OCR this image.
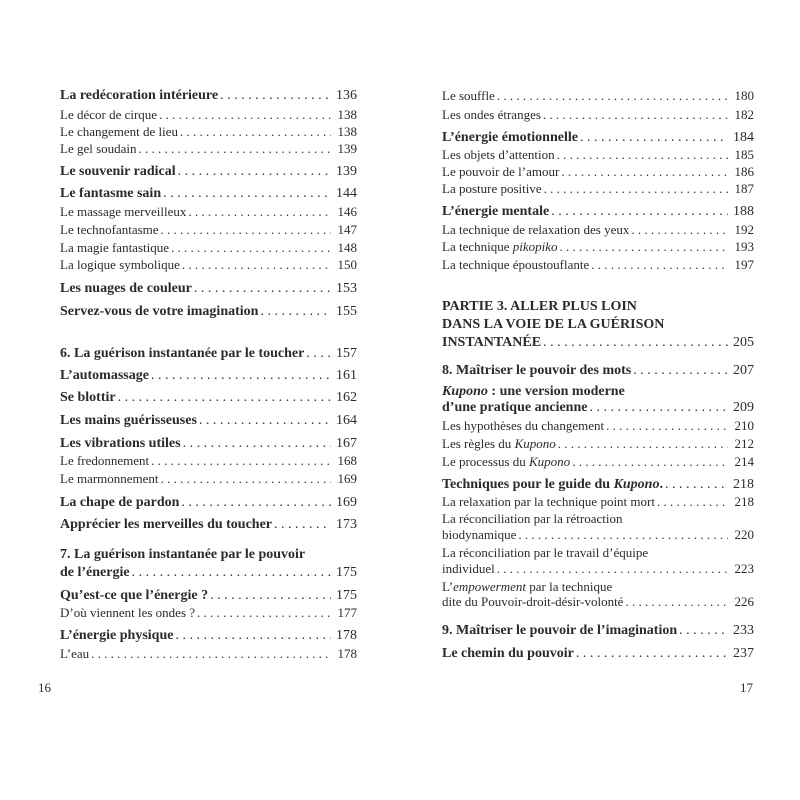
La redécoration intérieure . . .	136
Le décor de cirque . . .	138
Le changement de lieu . . .	138
Le gel soudain . . .	139
Le souvenir radical . . .	139
Le fantasme sain . . .	144
Le massage merveilleux . . .	146
Le technofantasme . . .	147
La magie fantastique . . .	148
La logique symbolique . . .	150
Les nuages de couleur . . .	153
Servez-vous de votre imagination . . .	155
6. La guérison instantanée par le toucher . . . 157
L’automassage . . .	161
Se blottir . . .	162
Les mains guérisseuses . . .	164
Les vibrations utiles . . .	167
Le fredonnement . . .	168
Le marmonnement . . .	169
La chape de pardon . . .	169
Apprécier les merveilles du toucher . . .	173
7. La guérison instantanée par le pouvoir
de l’énergie . . .	175
Qu’est-ce que l’énergie ? . . .	175
D’où viennent les ondes ? . . .	177
L’énergie physique . . .	178
L’eau . . .	178
Le souffle . . .	180
Les ondes étranges . . .	182
L’énergie émotionnelle . . .	184
Les objets d’attention . . .	185
Le pouvoir de l’amour . . .	186
La posture positive . . .	187
L’énergie mentale . . .	188
La technique de relaxation des yeux . . .	192
La technique pikopiko . . .	193
La technique époustouflante . . .	197
PARTIE 3. ALLER PLUS LOIN
DANS LA VOIE DE LA GUÉRISON
INSTANTANÉE . . .	205
8. Maîtriser le pouvoir des mots . . .	207
Kupono : une version moderne
d’une pratique ancienne . . .	209
Les hypothèses du changement . . .	210
Les règles du Kupono . . .	212
Le processus du Kupono . . .	214
Techniques pour le guide du Kupono. . . .	218
La relaxation par la technique point mort . . .	218
La réconciliation par la rétroaction
biodynamique . . .	220
La réconciliation par le travail d’équipe
individuel . . .	223
L’empowerment par la technique
dite du Pouvoir-droit-désir-volonté . . .	226
9. Maîtriser le pouvoir de l’imagination . . .	233
Le chemin du pouvoir . . .	237
16	17
